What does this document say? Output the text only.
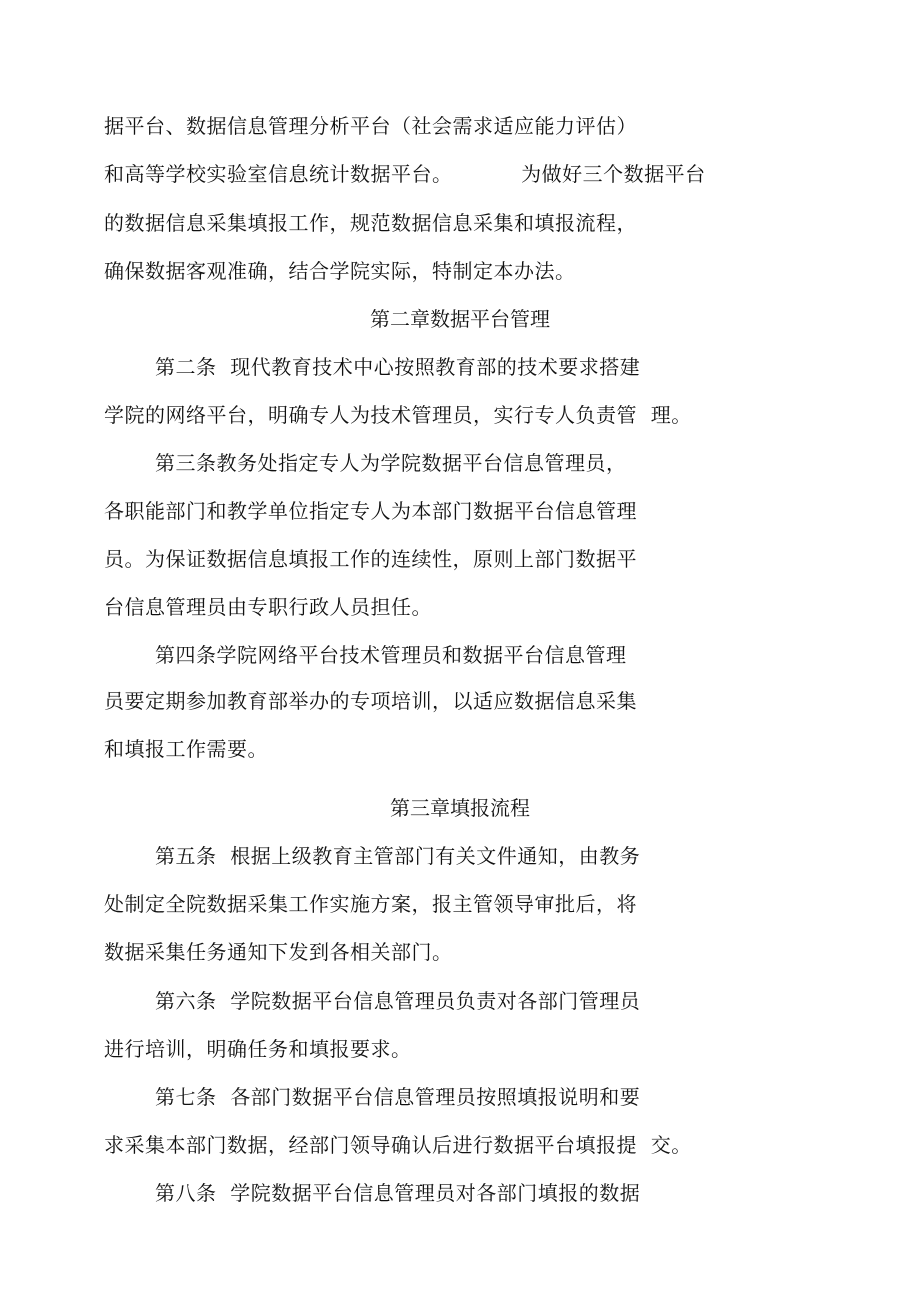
据平台、数据信息管理分析平台（社会需求适应能力评估）
和高等学校实验室信息统计数据平台。          为做好三个数据平台
的数据信息采集填报工作，规范数据信息采集和填报流程，
确保数据客观准确，结合学院实际，特制定本办法。
第二章数据平台管理
第二条  现代教育技术中心按照教育部的技术要求搭建
学院的网络平台，明确专人为技术管理员，实行专人负责管  理。
第三条教务处指定专人为学院数据平台信息管理员，
各职能部门和教学单位指定专人为本部门数据平台信息管理
员。为保证数据信息填报工作的连续性，原则上部门数据平
台信息管理员由专职行政人员担任。
第四条学院网络平台技术管理员和数据平台信息管理
员要定期参加教育部举办的专项培训，以适应数据信息采集
和填报工作需要。
第三章填报流程
第五条  根据上级教育主管部门有关文件通知，由教务
处制定全院数据采集工作实施方案，报主管领导审批后，将
数据采集任务通知下发到各相关部门。
第六条  学院数据平台信息管理员负责对各部门管理员
进行培训，明确任务和填报要求。
第七条  各部门数据平台信息管理员按照填报说明和要
求采集本部门数据，经部门领导确认后进行数据平台填报提  交。
第八条  学院数据平台信息管理员对各部门填报的数据
